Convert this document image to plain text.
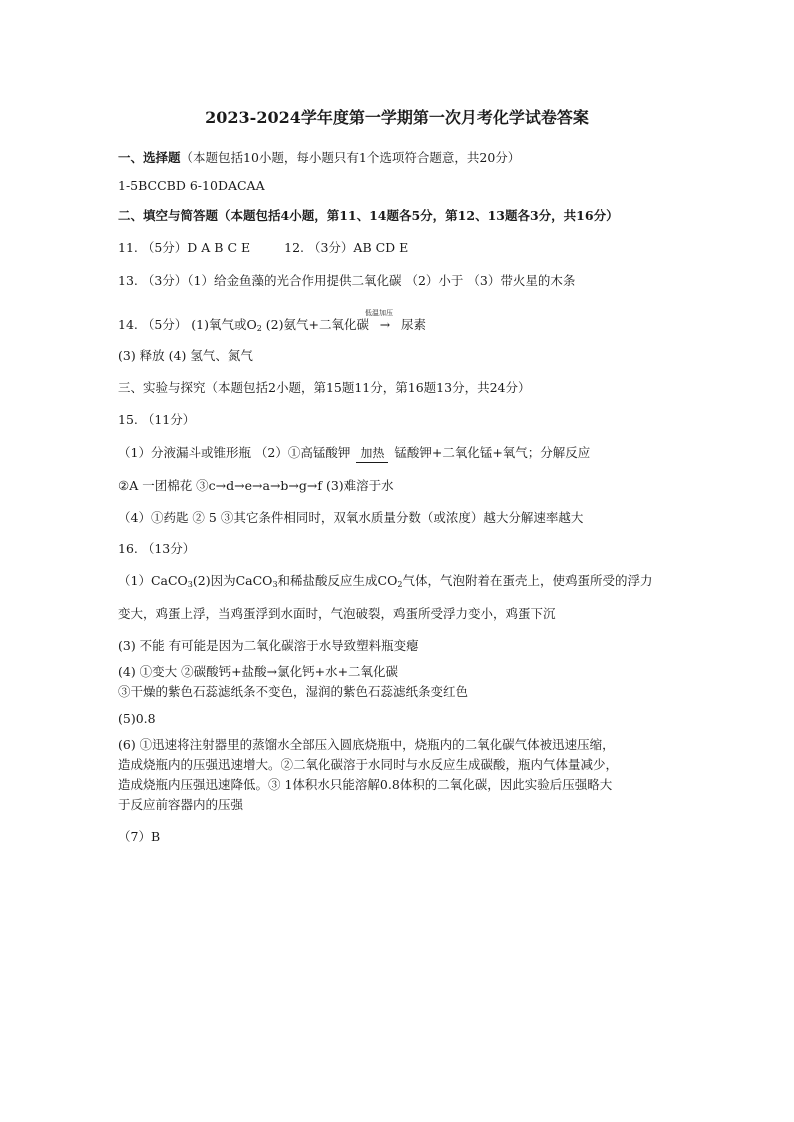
2023-2024学年度第一学期第一次月考化学试卷答案
一、选择题（本题包括10小题，每小题只有1个选项符合题意，共20分）
1-5BCCBD 6-10DACAA
二、填空与简答题（本题包括4小题，第11、14题各5分，第12、13题各3分，共16分）
11. （5分）D A B C E	12. （3分）AB CD E
13. （3分）（1）给金鱼藻的光合作用提供二氧化碳 （2）小于 （3）带火星的木条
14. （5分） (1)氧气或$O_2$ (2)氨气+二氧化碳
低温加压
→ 尿素
(3) 释放 (4) 氢气、氮气
三、实验与探究（本题包括2小题，第15题11分，第16题13分，共24分）
15. （11分）
（1）分液漏斗或锥形瓶 （2）①高锰酸钾 加热
锰酸钾+二氧化锰+氧气；分解反应
②A 一团棉花 ③c→d→e→a→b→g→f (3)难溶于水
（4）①药匙 ② 5 ③其它条件相同时，双氧水质量分数（或浓度）越大分解速率越大
16. （13分）
（1）CaCO$_3$(2)因为CaCO$_3$和稀盐酸反应生成$CO_2$气体，气泡附着在蛋壳上，使鸡蛋所受的浮力
变大，鸡蛋上浮，当鸡蛋浮到水面时，气泡破裂，鸡蛋所受浮力变小，鸡蛋下沉
(3) 不能 有可能是因为二氧化碳溶于水导致塑料瓶变瘪
(4) ①变大 ②碳酸钙+盐酸→氯化钙+水+二氧化碳
③干燥的紫色石蕊滤纸条不变色，湿润的紫色石蕊滤纸条变红色
(5)0.8
(6) ①迅速将注射器里的蒸馏水全部压入圆底烧瓶中，烧瓶内的二氧化碳气体被迅速压缩，
造成烧瓶内的压强迅速增大。②二氧化碳溶于水同时与水反应生成碳酸，瓶内气体量减少，
造成烧瓶内压强迅速降低。③ 1体积水只能溶解0.8体积的二氧化碳，因此实验后压强略大
于反应前容器内的压强
（7）B
